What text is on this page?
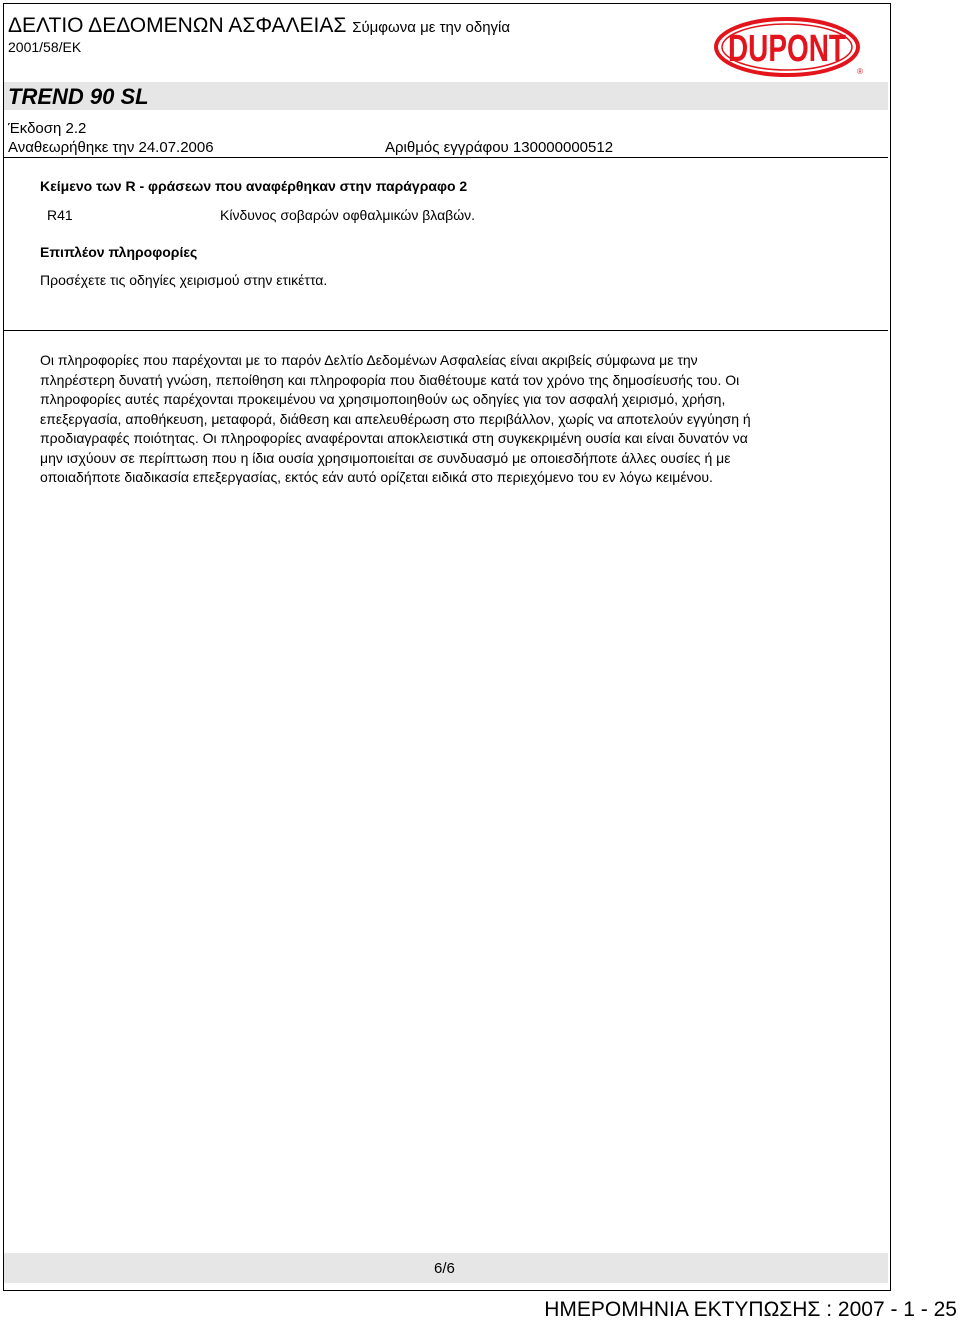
ΔΕΛΤΙΟ ΔΕΔΟΜΕΝΩΝ ΑΣΦΑΛΕΙΑΣ Σύμφωνα με την οδηγία
2001/58/EK	DUPONT
®
TREND 90 SL
Έκδοση 2.2
Αναθεωρήθηκε την 24.07.2006	Αριθμός εγγράφου 130000000512
Κείμενο των R - φράσεων που αναφέρθηκαν στην παράγραφο 2
R41	Κίνδυνος σοβαρών οφθαλμικών βλαβών.
Επιπλέον πληροφορίες
Προσέχετε τις οδηγίες χειρισμού στην ετικέττα.
Οι πληροφορίες που παρέχονται με το παρόν Δελτίο Δεδομένων Ασφαλείας είναι ακριβείς σύμφωνα με την
πληρέστερη δυνατή γνώση, πεποίθηση και πληροφορία που διαθέτουμε κατά τον χρόνο της δημοσίευσής του. Οι
πληροφορίες αυτές παρέχονται προκειμένου να χρησιμοποιηθούν ως οδηγίες για τον ασφαλή χειρισμό, χρήση,
επεξεργασία, αποθήκευση, μεταφορά, διάθεση και απελευθέρωση στο περιβάλλον, χωρίς να αποτελούν εγγύηση ή
προδιαγραφές ποιότητας. Οι πληροφορίες αναφέρονται αποκλειστικά στη συγκεκριμένη ουσία και είναι δυνατόν να
μην ισχύουν σε περίπτωση που η ίδια ουσία χρησιμοποιείται σε συνδυασμό με οποιεσδήποτε άλλες ουσίες ή με
οποιαδήποτε διαδικασία επεξεργασίας, εκτός εάν αυτό ορίζεται ειδικά στο περιεχόμενο του εν λόγω κειμένου.
6/6
ΗΜΕΡΟΜΗΝΙΑ ΕΚΤΥΠΩΣΗΣ : 2007 - 1 - 25
